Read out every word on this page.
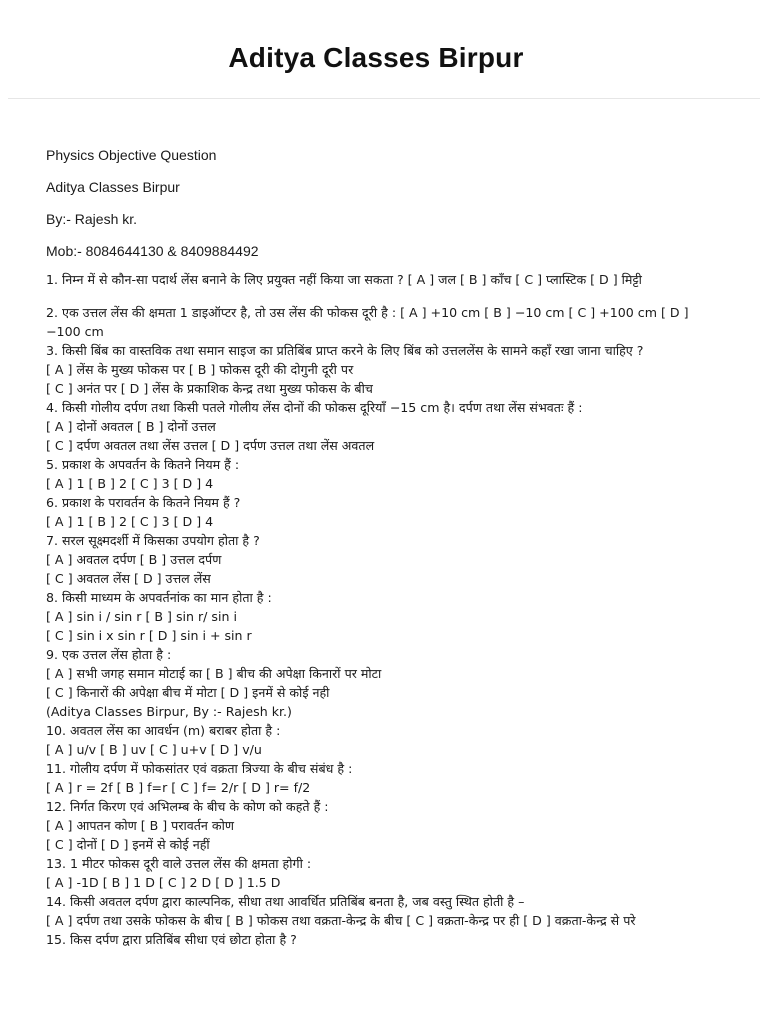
Aditya Classes Birpur
Physics Objective Question
Aditya Classes Birpur
By:- Rajesh kr.
Mob:- 8084644130 & 8409884492
1. निम्न में से कौन-सा पदार्थ लेंस बनाने के लिए प्रयुक्त नहीं किया जा सकता ? [ A ] जल [ B ] काँच [ C ] प्लास्टिक [ D ] मिट्टी
2. एक उत्तल लेंस की क्षमता 1 डाइऑप्टर है, तो उस लेंस की फोकस दूरी है : [ A ] +10 cm [ B ] −10 cm [ C ] +100 cm [ D ] −100 cm
3. किसी बिंब का वास्तविक तथा समान साइज का प्रतिबिंब प्राप्त करने के लिए बिंब को उत्तललेंस के सामने कहाँ रखा जाना चाहिए ?
[ A ] लेंस के मुख्य फोकस पर [ B ] फोकस दूरी की दोगुनी दूरी पर
[ C ] अनंत पर [ D ] लेंस के प्रकाशिक केन्द्र तथा मुख्य फोकस के बीच
4. किसी गोलीय दर्पण तथा किसी पतले गोलीय लेंस दोनों की फोकस दूरियाँ −15 cm है। दर्पण तथा लेंस संभवतः हैं :
[ A ] दोनों अवतल [ B ] दोनों उत्तल
[ C ] दर्पण अवतल तथा लेंस उत्तल [ D ] दर्पण उत्तल तथा लेंस अवतल
5. प्रकाश के अपवर्तन के कितने नियम हैं :
[ A ] 1 [ B ] 2 [ C ] 3 [ D ] 4
6. प्रकाश के परावर्तन के कितने नियम हैं ?
[ A ] 1 [ B ] 2 [ C ] 3 [ D ] 4
7. सरल सूक्ष्मदर्शी में किसका उपयोग होता है ?
[ A ] अवतल दर्पण [ B ] उत्तल दर्पण
[ C ] अवतल लेंस [ D ] उत्तल लेंस
8. किसी माध्यम के अपवर्तनांक का मान होता है :
[ A ] sin i / sin r [ B ] sin r/ sin i
[ C ] sin i x sin r [ D ] sin i + sin r
9. एक उत्तल लेंस होता है :
[ A ] सभी जगह समान मोटाई का [ B ] बीच की अपेक्षा किनारों पर मोटा
[ C ] किनारों की अपेक्षा बीच में मोटा [ D ] इनमें से कोई नही
(Aditya Classes Birpur, By :- Rajesh kr.)
10. अवतल लेंस का आवर्धन (m) बराबर होता है :
[ A ] u/v [ B ] uv [ C ] u+v [ D ] v/u
11. गोलीय दर्पण में फोकसांतर एवं वक्रता त्रिज्या के बीच संबंध है :
[ A ] r = 2f [ B ] f=r [ C ] f= 2/r [ D ] r= f/2
12. निर्गत किरण एवं अभिलम्ब के बीच के कोण को कहते हैं :
[ A ] आपतन कोण [ B ] परावर्तन कोण
[ C ] दोनों [ D ] इनमें से कोई नहीं
13. 1 मीटर फोकस दूरी वाले उत्तल लेंस की क्षमता होगी :
[ A ] -1D [ B ] 1 D [ C ] 2 D [ D ] 1.5 D
14. किसी अवतल दर्पण द्वारा काल्पनिक, सीधा तथा आवर्धित प्रतिबिंब बनता है, जब वस्तु स्थित होती है –
[ A ] दर्पण तथा उसके फोकस के बीच [ B ] फोकस तथा वक्रता-केन्द्र के बीच [ C ] वक्रता-केन्द्र पर ही [ D ] वक्रता-केन्द्र से परे
15. किस दर्पण द्वारा प्रतिबिंब सीधा एवं छोटा होता है ?
